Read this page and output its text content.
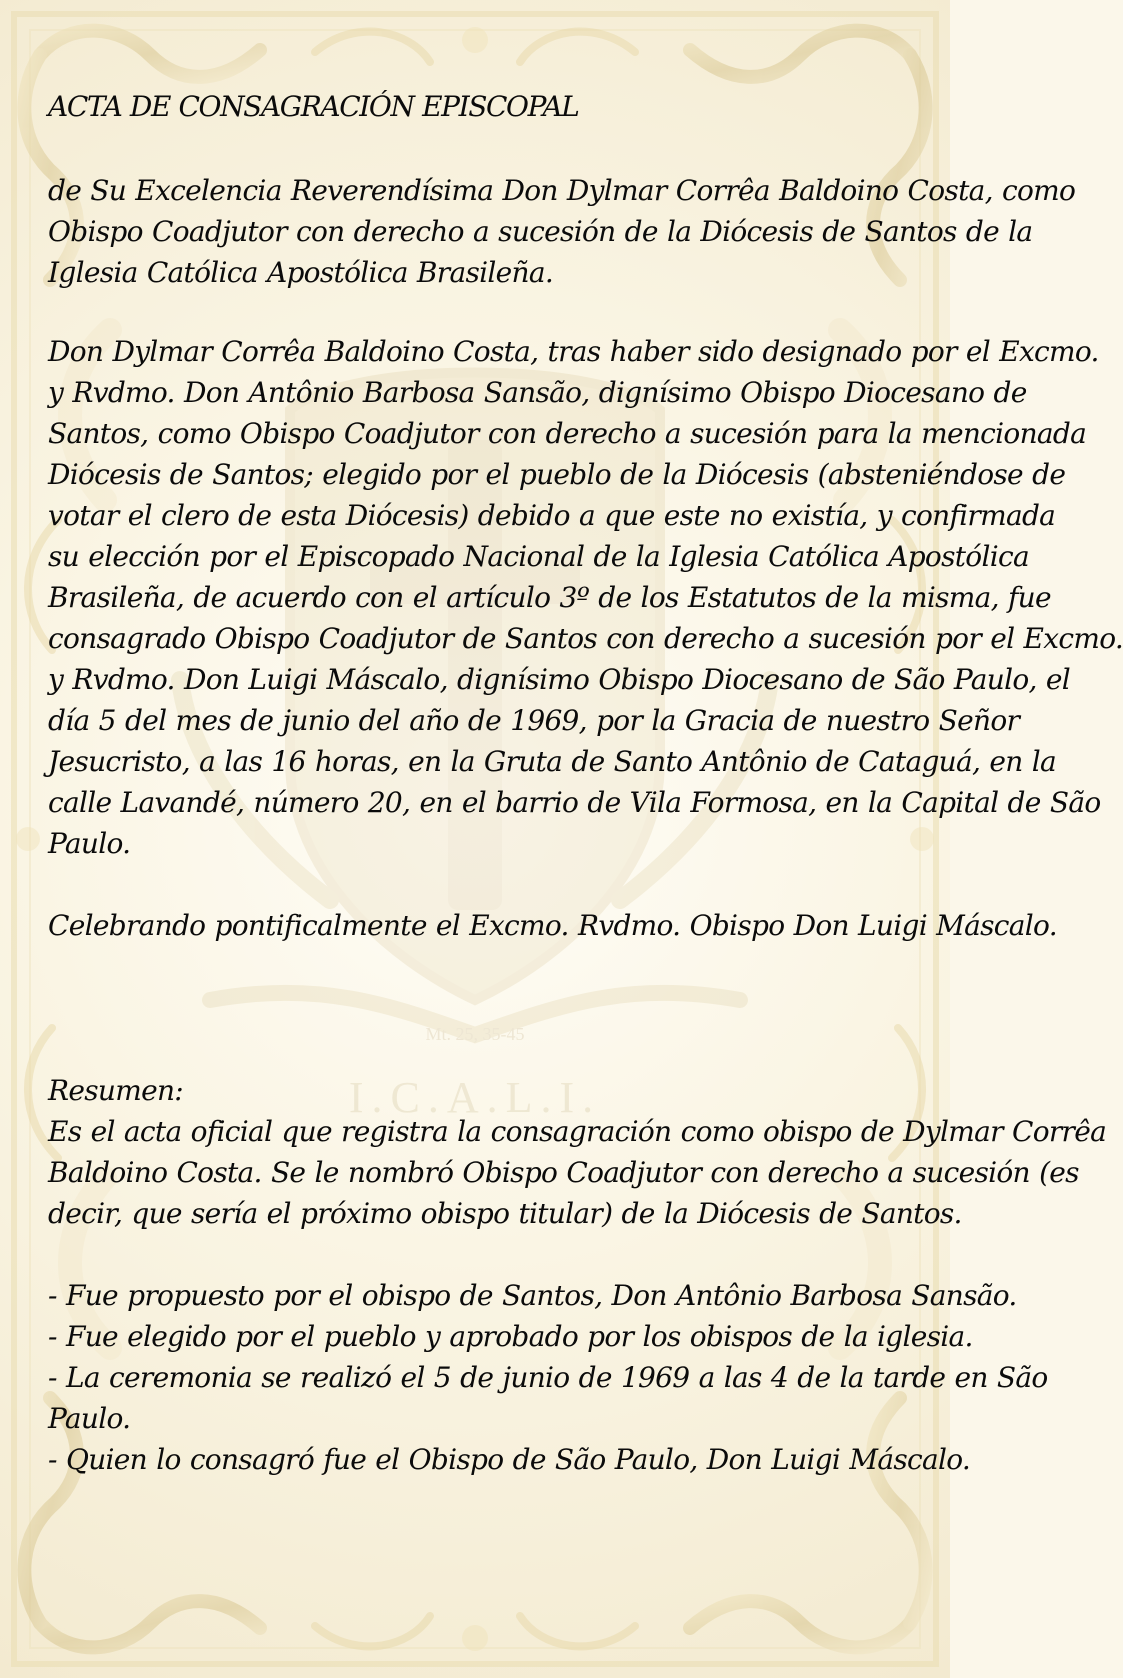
Mt. 25, 35-45
I.C.A.L.I.
ACTA DE CONSAGRACIÓN EPISCOPAL
de Su Excelencia Reverendísima Don Dylmar Corrêa Baldoino Costa, como
Obispo Coadjutor con derecho a sucesión de la Diócesis de Santos de la
Iglesia Católica Apostólica Brasileña.
Don Dylmar Corrêa Baldoino Costa, tras haber sido designado por el Excmo.
y Rvdmo. Don Antônio Barbosa Sansão, dignísimo Obispo Diocesano de
Santos, como Obispo Coadjutor con derecho a sucesión para la mencionada
Diócesis de Santos; elegido por el pueblo de la Diócesis (absteniéndose de
votar el clero de esta Diócesis) debido a que este no existía, y confirmada
su elección por el Episcopado Nacional de la Iglesia Católica Apostólica
Brasileña, de acuerdo con el artículo 3º de los Estatutos de la misma, fue
consagrado Obispo Coadjutor de Santos con derecho a sucesión por el Excmo.
y Rvdmo. Don Luigi Máscalo, dignísimo Obispo Diocesano de São Paulo, el
día 5 del mes de junio del año de 1969, por la Gracia de nuestro Señor
Jesucristo, a las 16 horas, en la Gruta de Santo Antônio de Cataguá, en la
calle Lavandé, número 20, en el barrio de Vila Formosa, en la Capital de São
Paulo.
Celebrando pontificalmente el Excmo. Rvdmo. Obispo Don Luigi Máscalo.
Resumen:
Es el acta oficial que registra la consagración como obispo de Dylmar Corrêa
Baldoino Costa. Se le nombró Obispo Coadjutor con derecho a sucesión (es
decir, que sería el próximo obispo titular) de la Diócesis de Santos.
- Fue propuesto por el obispo de Santos, Don Antônio Barbosa Sansão.
- Fue elegido por el pueblo y aprobado por los obispos de la iglesia.
- La ceremonia se realizó el 5 de junio de 1969 a las 4 de la tarde en São
Paulo.
- Quien lo consagró fue el Obispo de São Paulo, Don Luigi Máscalo.
